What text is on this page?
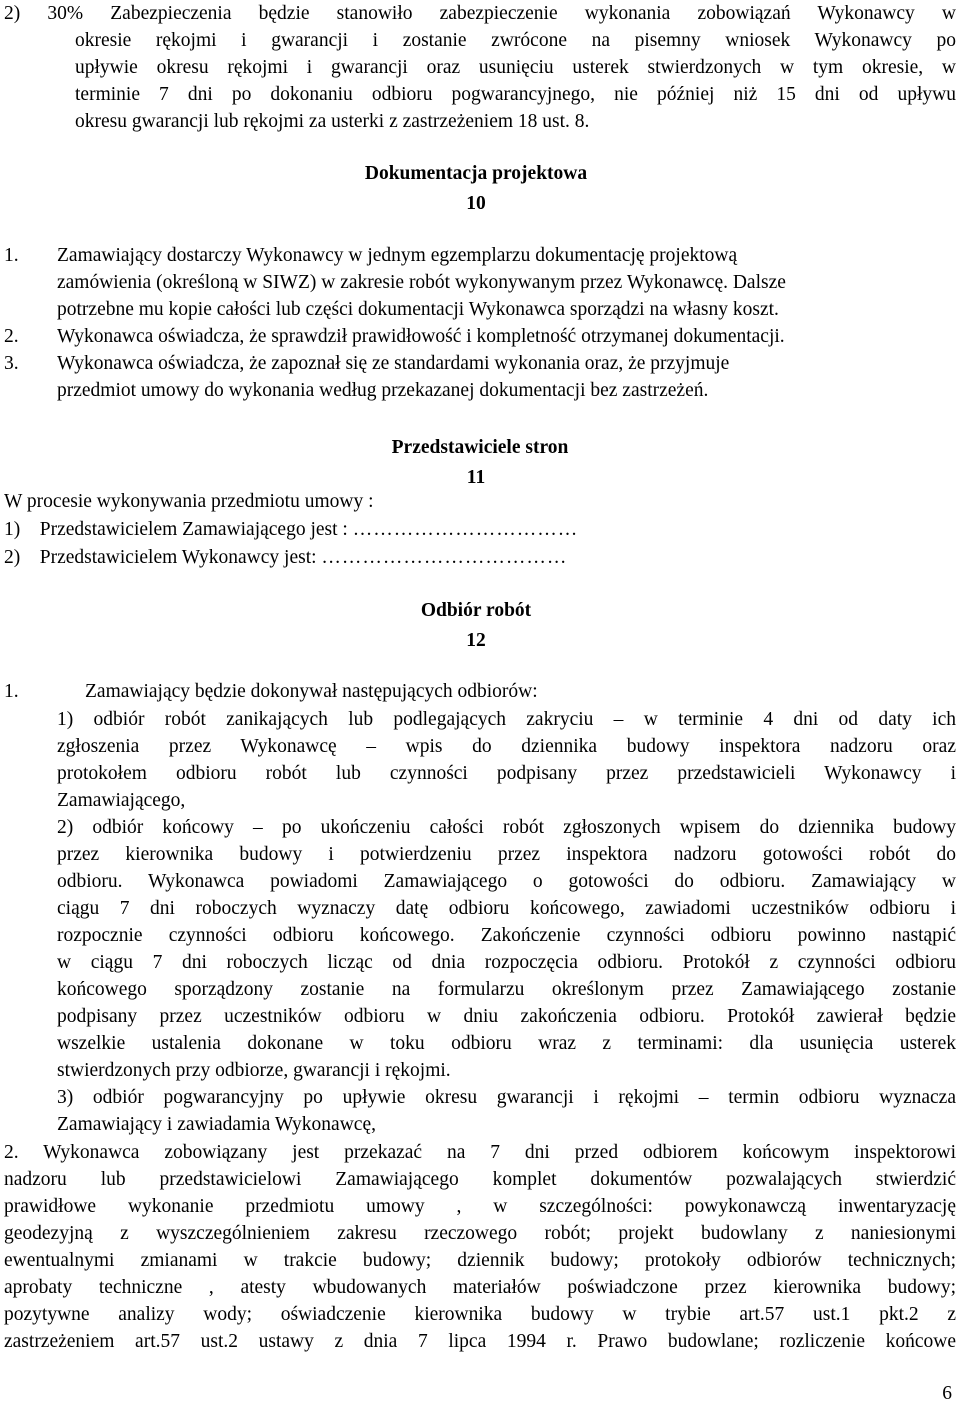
2) 30% Zabezpieczenia będzie stanowiło zabezpieczenie wykonania zobowiązań Wykonawcy w
okresie rękojmi i gwarancji i zostanie zwrócone na pisemny wniosek Wykonawcy po
upływie okresu rękojmi i gwarancji oraz usunięciu usterek stwierdzonych w tym okresie, w
terminie 7 dni po dokonaniu odbioru pogwarancyjnego, nie później niż 15 dni od upływu
okresu gwarancji lub rękojmi za usterki z zastrzeżeniem 18 ust. 8.
Dokumentacja projektowa
10
1. Zamawiający dostarczy Wykonawcy w jednym egzemplarzu dokumentację projektową
zamówienia (określoną w SIWZ) w zakresie robót wykonywanym przez Wykonawcę. Dalsze
potrzebne mu kopie całości lub części dokumentacji Wykonawca sporządzi na własny koszt.
2. Wykonawca oświadcza, że sprawdził prawidłowość i kompletność otrzymanej dokumentacji.
3. Wykonawca oświadcza, że zapoznał się ze standardami wykonania oraz, że przyjmuje
przedmiot umowy do wykonania według przekazanej dokumentacji bez zastrzeżeń.
Przedstawiciele stron
11
W procesie wykonywania przedmiotu umowy :
1)    Przedstawicielem Zamawiającego jest : ……………………………
2)    Przedstawicielem Wykonawcy jest: ………………………………
Odbiór robót
12
1.	Zamawiający będzie dokonywał następujących odbiorów:
1) odbiór robót zanikających lub podlegających zakryciu – w terminie 4 dni od daty ich
zgłoszenia przez Wykonawcę – wpis do dziennika budowy inspektora nadzoru oraz
protokołem odbioru robót lub czynności podpisany przez przedstawicieli Wykonawcy i
Zamawiającego,
2) odbiór końcowy – po ukończeniu całości robót zgłoszonych wpisem do dziennika budowy
przez kierownika budowy i potwierdzeniu przez inspektora nadzoru gotowości robót do
odbioru. Wykonawca powiadomi Zamawiającego o gotowości do odbioru. Zamawiający w
ciągu 7 dni roboczych wyznaczy datę odbioru końcowego, zawiadomi uczestników odbioru i
rozpocznie czynności odbioru końcowego. Zakończenie czynności odbioru powinno nastąpić
w ciągu 7 dni roboczych licząc od dnia rozpoczęcia odbioru. Protokół z czynności odbioru
końcowego sporządzony zostanie na formularzu określonym przez Zamawiającego zostanie
podpisany przez uczestników odbioru w dniu zakończenia odbioru. Protokół zawierał będzie
wszelkie ustalenia dokonane w toku odbioru wraz z terminami: dla usunięcia usterek
stwierdzonych przy odbiorze, gwarancji i rękojmi.
3) odbiór pogwarancyjny po upływie okresu gwarancji i rękojmi – termin odbioru wyznacza
Zamawiający i zawiadamia Wykonawcę,
2. Wykonawca zobowiązany jest przekazać na 7 dni przed odbiorem końcowym inspektorowi
nadzoru lub przedstawicielowi Zamawiającego komplet dokumentów pozwalających stwierdzić
prawidłowe wykonanie przedmiotu umowy , w szczególności: powykonawczą inwentaryzację
geodezyjną z wyszczególnieniem zakresu rzeczowego robót; projekt budowlany z naniesionymi
ewentualnymi zmianami w trakcie budowy; dziennik budowy; protokoły odbiorów technicznych;
aprobaty techniczne , atesty wbudowanych materiałów poświadczone przez kierownika budowy;
pozytywne analizy wody; oświadczenie kierownika budowy w trybie art.57 ust.1 pkt.2 z
zastrzeżeniem art.57 ust.2 ustawy z dnia 7 lipca 1994 r. Prawo budowlane; rozliczenie końcowe
6
